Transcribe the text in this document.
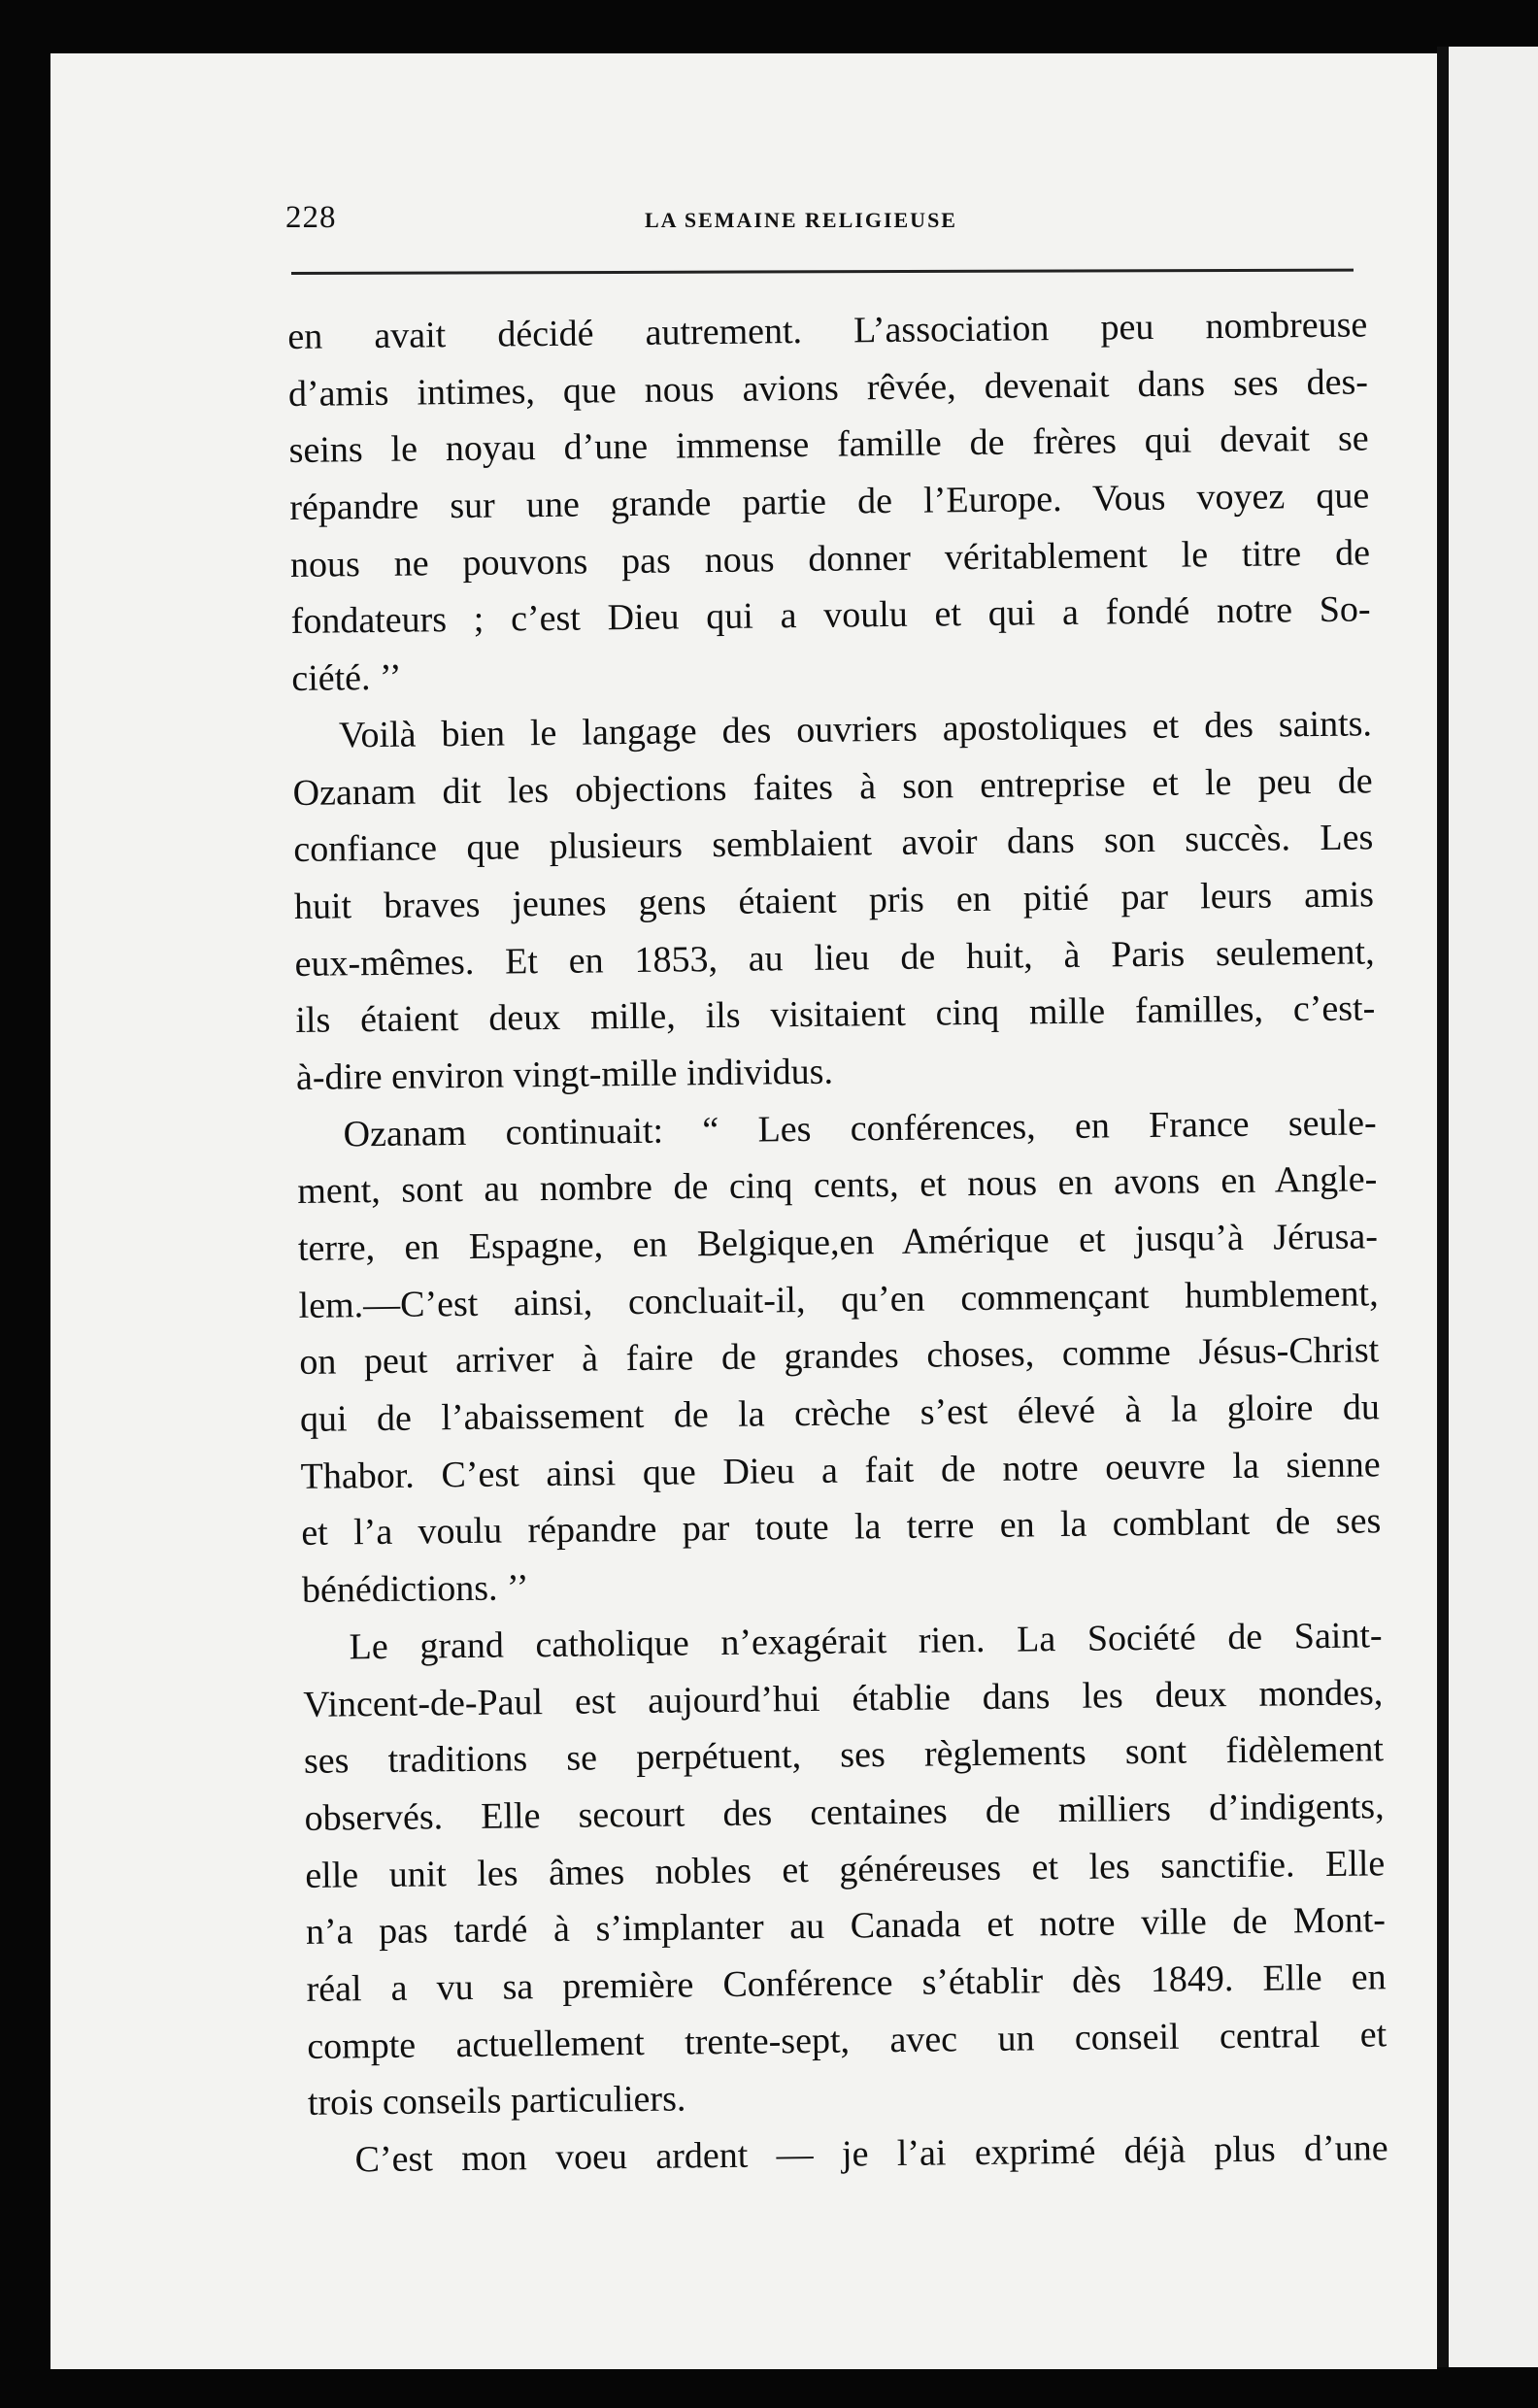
228	LA SEMAINE RELIGIEUSE
en avait décidé autrement. L’association peu nombreuse
d’amis intimes, que nous avions rêvée, devenait dans ses des-
seins le noyau d’une immense famille de frères qui devait se
répandre sur une grande partie de l’Europe. Vous voyez que
nous ne pouvons pas nous donner véritablement le titre de
fondateurs ; c’est Dieu qui a voulu et qui a fondé notre So-
ciété. ’’
Voilà bien le langage des ouvriers apostoliques et des saints.
Ozanam dit les objections faites à son entreprise et le peu de
confiance que plusieurs semblaient avoir dans son succès. Les
huit braves jeunes gens étaient pris en pitié par leurs amis
eux-mêmes. Et en 1853, au lieu de huit, à Paris seulement,
ils étaient deux mille, ils visitaient cinq mille familles, c’est-
à-dire environ vingt-mille individus.
Ozanam continuait: “ Les conférences, en France seule-
ment, sont au nombre de cinq cents, et nous en avons en Angle-
terre, en Espagne, en Belgique,en Amérique et jusqu’à Jérusa-
lem.—C’est ainsi, concluait-il, qu’en commençant humblement,
on peut arriver à faire de grandes choses, comme Jésus-Christ
qui de l’abaissement de la crèche s’est élevé à la gloire du
Thabor. C’est ainsi que Dieu a fait de notre oeuvre la sienne
et l’a voulu répandre par toute la terre en la comblant de ses
bénédictions. ’’
Le grand catholique n’exagérait rien. La Société de Saint-
Vincent-de-Paul est aujourd’hui établie dans les deux mondes,
ses traditions se perpétuent, ses règlements sont fidèlement
observés. Elle secourt des centaines de milliers d’indigents,
elle unit les âmes nobles et généreuses et les sanctifie. Elle
n’a pas tardé à s’implanter au Canada et notre ville de Mont-
réal a vu sa première Conférence s’établir dès 1849. Elle en
compte actuellement trente-sept, avec un conseil central et
trois conseils particuliers.
C’est mon voeu ardent — je l’ai exprimé déjà plus d’une
